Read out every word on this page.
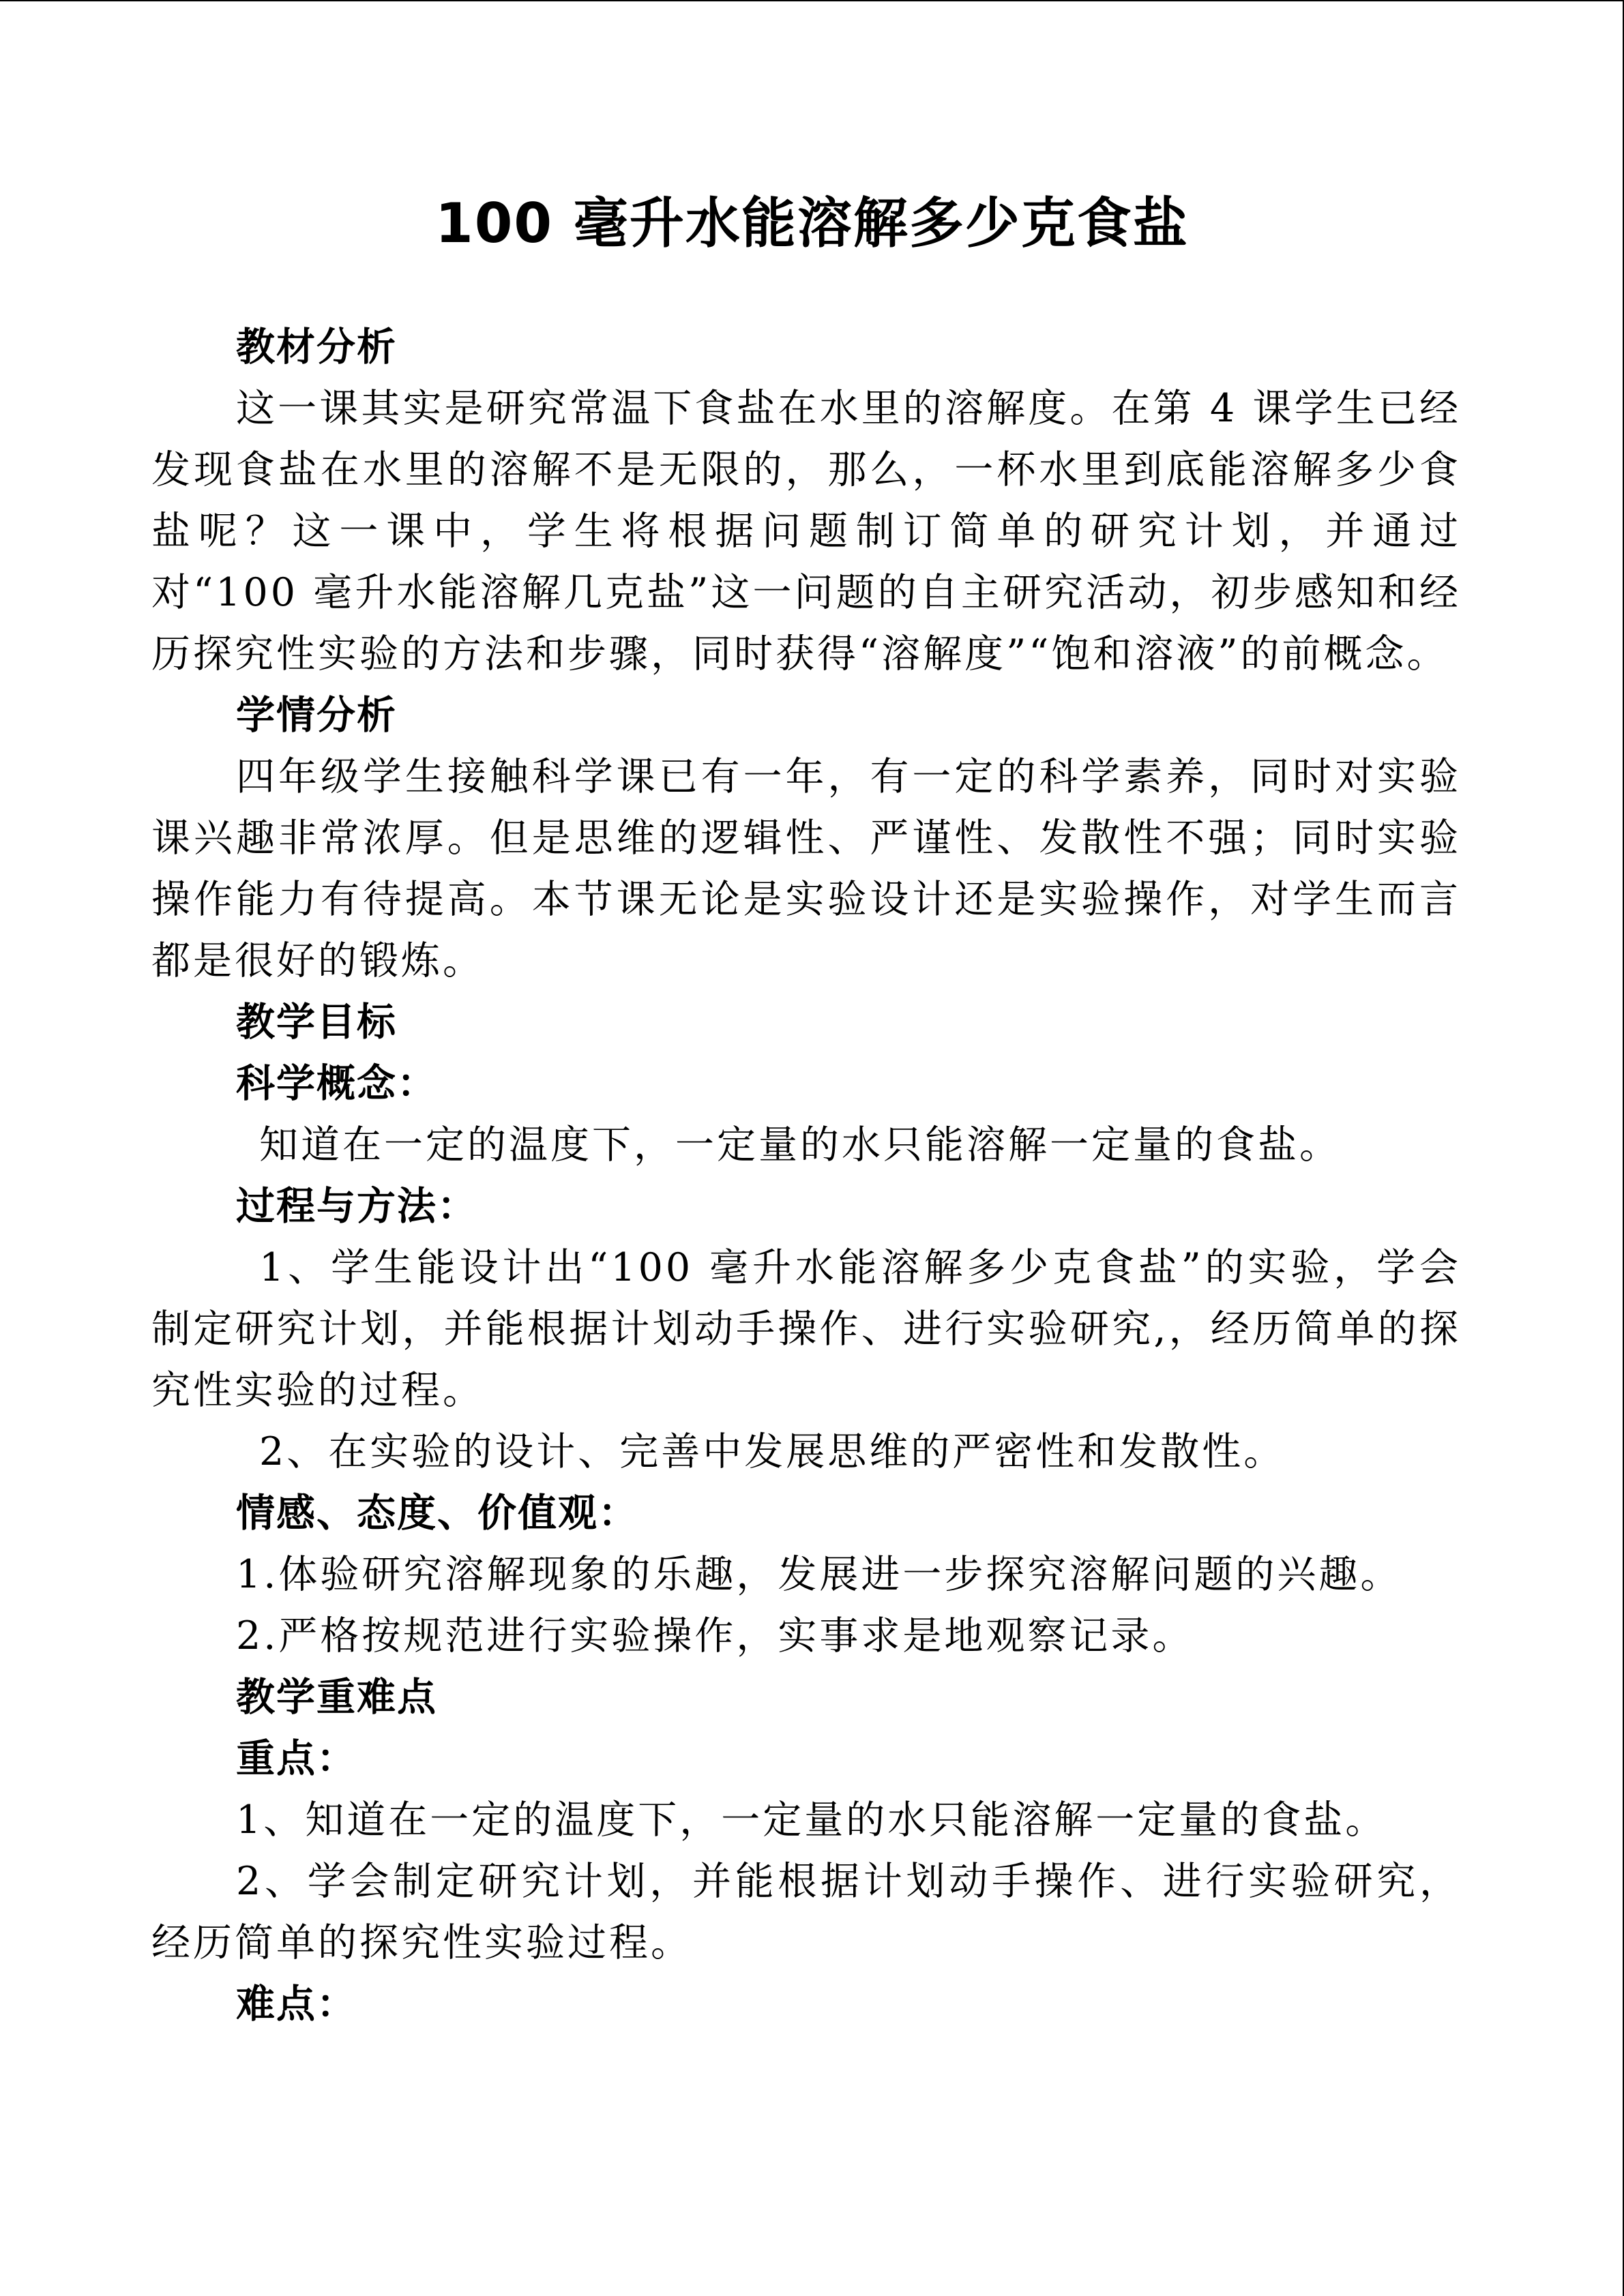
100 毫升水能溶解多少克食盐

教材分析

这一课其实是研究常温下食盐在水里的溶解度。在第 4 课学生已经发现食盐在水里的溶解不是无限的，那么，一杯水里到底能溶解多少食盐呢？这一课中，学生将根据问题制订简单的研究计划，并通过对“100 毫升水能溶解几克盐”这一问题的自主研究活动，初步感知和经历探究性实验的方法和步骤，同时获得“溶解度”“饱和溶液”的前概念。

学情分析

四年级学生接触科学课已有一年，有一定的科学素养，同时对实验课兴趣非常浓厚。但是思维的逻辑性、严谨性、发散性不强；同时实验操作能力有待提高。本节课无论是实验设计还是实验操作，对学生而言都是很好的锻炼。

教学目标

科学概念：

知道在一定的温度下，一定量的水只能溶解一定量的食盐。

过程与方法：

1、学生能设计出“100 毫升水能溶解多少克食盐”的实验，学会制定研究计划，并能根据计划动手操作、进行实验研究,，经历简单的探究性实验的过程。

2、在实验的设计、完善中发展思维的严密性和发散性。

情感、态度、价值观：

1.体验研究溶解现象的乐趣，发展进一步探究溶解问题的兴趣。

2.严格按规范进行实验操作，实事求是地观察记录。

教学重难点

重点：

1、知道在一定的温度下，一定量的水只能溶解一定量的食盐。

2、学会制定研究计划，并能根据计划动手操作、进行实验研究，经历简单的探究性实验过程。

难点：
